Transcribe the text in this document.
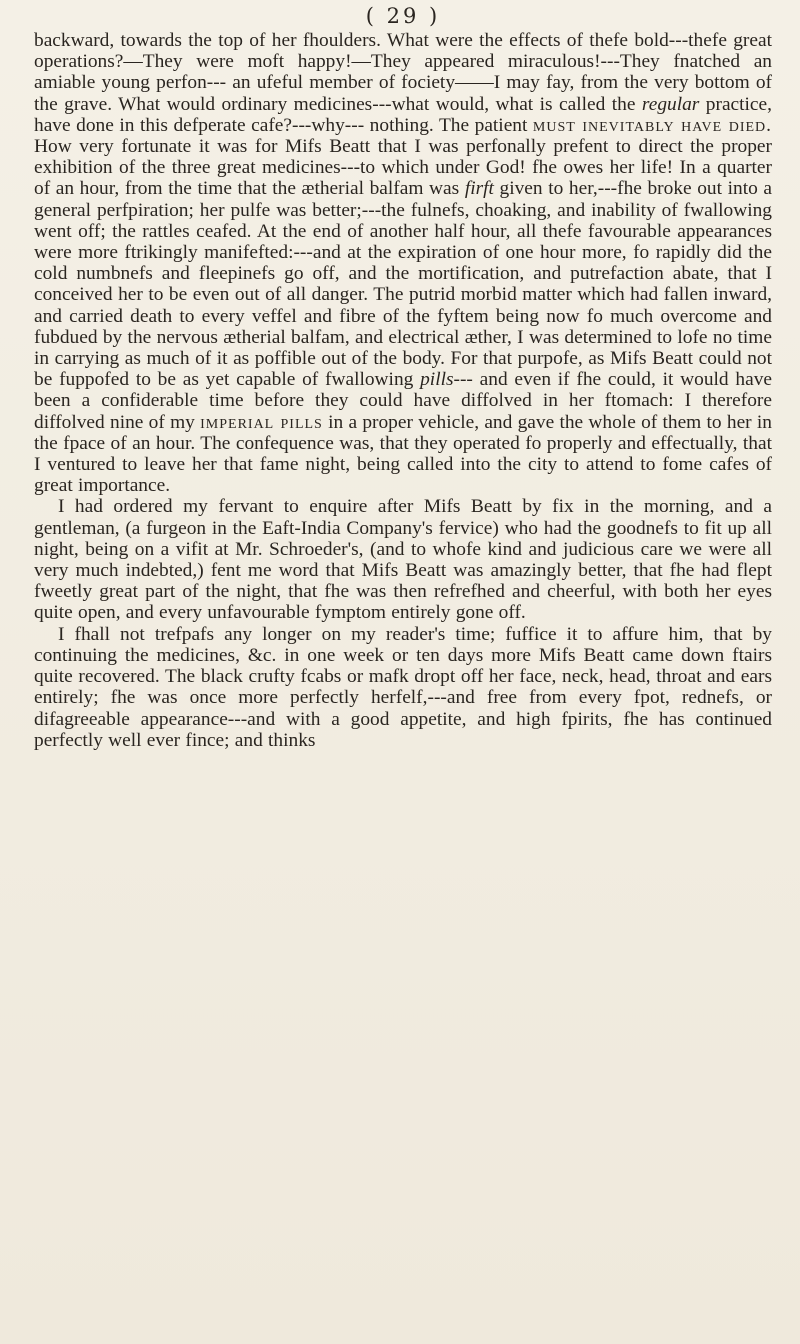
( 29 )

backward, towards the top of her fhoulders. What were the effects of thefe bold---thefe great operations?—They were moft happy!—They appeared miraculous!---They fnatched an amiable young perfon--- an ufeful member of fociety——I may fay, from the very bottom of the grave. What would ordinary medicines---what would, what is called the regular practice, have done in this defperate cafe?---why--- nothing. The patient must inevitably have died. How very fortunate it was for Mifs Beatt that I was perfonally prefent to direct the proper exhibition of the three great medicines---to which under God! fhe owes her life! In a quarter of an hour, from the time that the ætherial balfam was firft given to her,---fhe broke out into a general perfpiration; her pulfe was better;---the fulnefs, choaking, and inability of fwallowing went off; the rattles ceafed. At the end of another half hour, all thefe favourable appearances were more ftrikingly manifefted:---and at the expiration of one hour more, fo rapidly did the cold numbnefs and fleepinefs go off, and the mortification, and putrefaction abate, that I conceived her to be even out of all danger. The putrid morbid matter which had fallen inward, and carried death to every veffel and fibre of the fyftem being now fo much overcome and fubdued by the nervous ætherial balfam, and electrical æther, I was determined to lofe no time in carrying as much of it as poffible out of the body. For that purpofe, as Mifs Beatt could not be fuppofed to be as yet capable of fwallowing pills--- and even if fhe could, it would have been a confiderable time before they could have diffolved in her ftomach: I therefore diffolved nine of my imperial pills in a proper vehicle, and gave the whole of them to her in the fpace of an hour. The confequence was, that they operated fo properly and effectually, that I ventured to leave her that fame night, being called into the city to attend to fome cafes of great importance.

I had ordered my fervant to enquire after Mifs Beatt by fix in the morning, and a gentleman, (a furgeon in the Eaft-India Company's fervice) who had the goodnefs to fit up all night, being on a vifit at Mr. Schroeder's, (and to whofe kind and judicious care we were all very much indebted,) fent me word that Mifs Beatt was amazingly better, that fhe had flept fweetly great part of the night, that fhe was then refrefhed and cheerful, with both her eyes quite open, and every unfavourable fymptom entirely gone off.

I fhall not trefpafs any longer on my reader's time; fuffice it to affure him, that by continuing the medicines, &c. in one week or ten days more Mifs Beatt came down ftairs quite recovered. The black crufty fcabs or mafk dropt off her face, neck, head, throat and ears entirely; fhe was once more perfectly herfelf,---and free from every fpot, rednefs, or difagreeable appearance---and with a good appetite, and high fpirits, fhe has continued perfectly well ever fince; and thinks
